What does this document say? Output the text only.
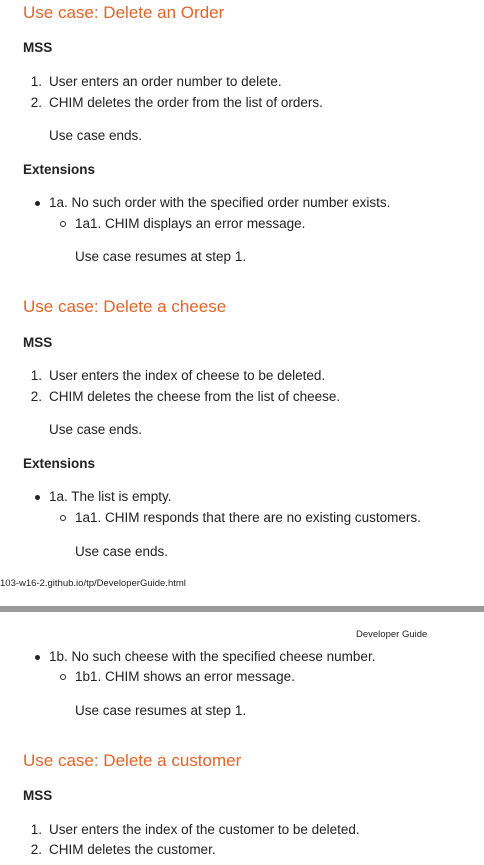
Use case: Delete an Order
MSS
1. User enters an order number to delete.
2. CHIM deletes the order from the list of orders.
Use case ends.
Extensions
1a. No such order with the specified order number exists.
1a1. CHIM displays an error message.
Use case resumes at step 1.
Use case: Delete a cheese
MSS
1. User enters the index of cheese to be deleted.
2. CHIM deletes the cheese from the list of cheese.
Use case ends.
Extensions
1a. The list is empty.
1a1. CHIM responds that there are no existing customers.
Use case ends.
103-w16-2.github.io/tp/DeveloperGuide.html
Developer Guide
1b. No such cheese with the specified cheese number.
1b1. CHIM shows an error message.
Use case resumes at step 1.
Use case: Delete a customer
MSS
1. User enters the index of the customer to be deleted.
2. CHIM deletes the customer.
